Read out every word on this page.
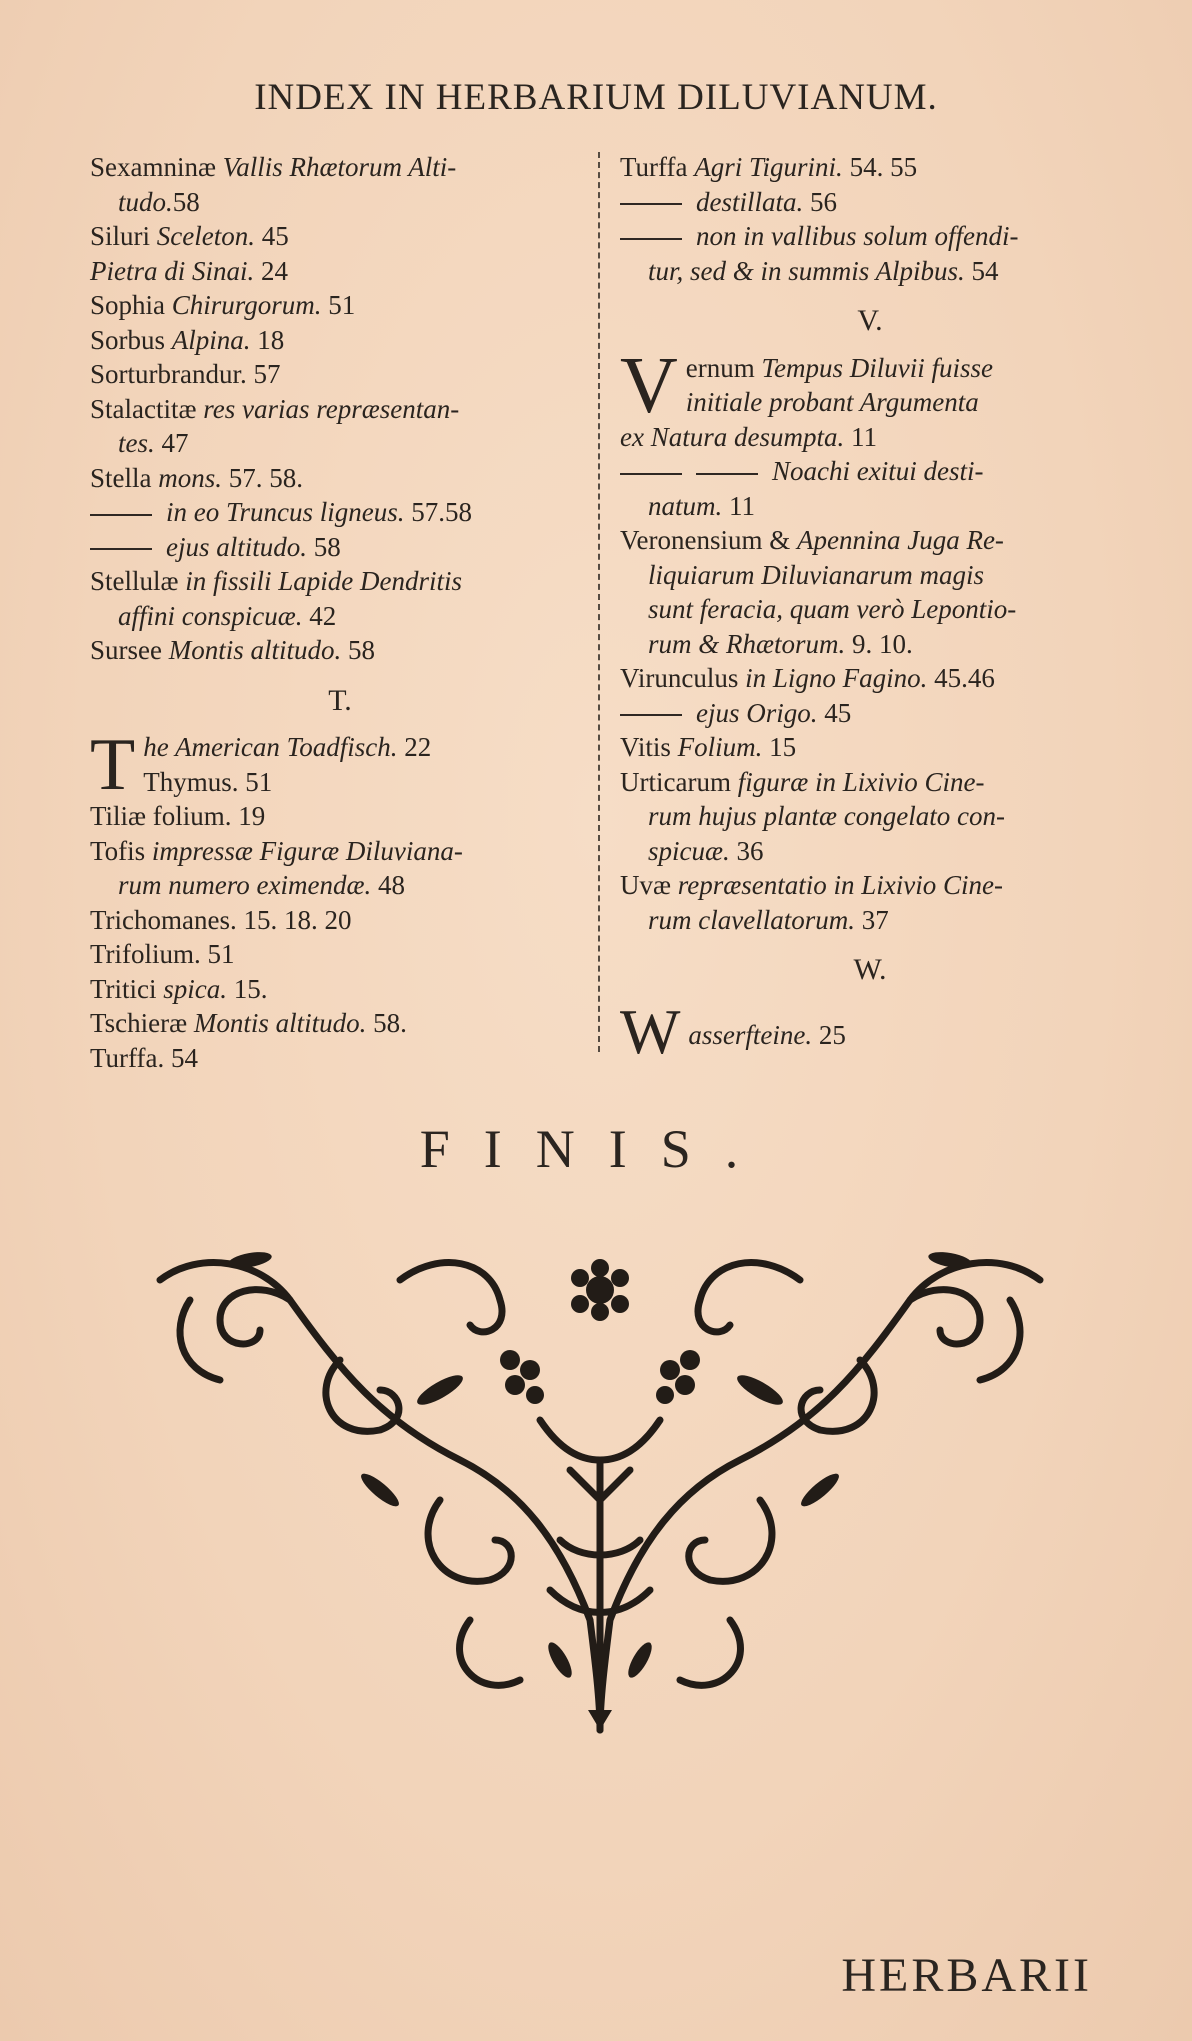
INDEX IN HERBARIUM DILUVIANUM.
Sexamninæ Vallis Rhætorum Alti-
tudo.58
Siluri Sceleton. 45
Pietra di Sinai. 24
Sophia Chirurgorum. 51
Sorbus Alpina. 18
Sorturbrandur. 57
Stalactitæ res varias repræsentan-
tes. 47
Stella mons. 57. 58.
in eo Truncus ligneus. 57.58
ejus altitudo. 58
Stellulæ in fissili Lapide Dendritis
affini conspicuæ. 42
Sursee Montis altitudo. 58
T.
T he American Toadfisch. 22
Thymus. 51
Tiliæ folium. 19
Tofis impressæ Figuræ Diluviana-
rum numero eximendæ. 48
Trichomanes. 15. 18. 20
Trifolium. 51
Tritici spica. 15.
Tschieræ Montis altitudo. 58.
Turffa. 54
Turffa Agri Tigurini. 54. 55
destillata. 56
non in vallibus solum offendi-
tur, sed & in summis Alpibus. 54
V.
V ernum Tempus Diluvii fuisse
initiale probant Argumenta
ex Natura desumpta. 11
Noachi exitui desti-
natum. 11
Veronensium & Apennina Juga Re-
liquiarum Diluvianarum magis
sunt feracia, quam verò Lepontio-
rum & Rhætorum. 9. 10.
Virunculus in Ligno Fagino. 45.46
ejus Origo. 45
Vitis Folium. 15
Urticarum figuræ in Lixivio Cine-
rum hujus plantæ congelato con-
spicuæ. 36
Uvæ repræsentatio in Lixivio Cine-
rum clavellatorum. 37
W.
W asserfteine. 25
FINIS.
HERBARII
